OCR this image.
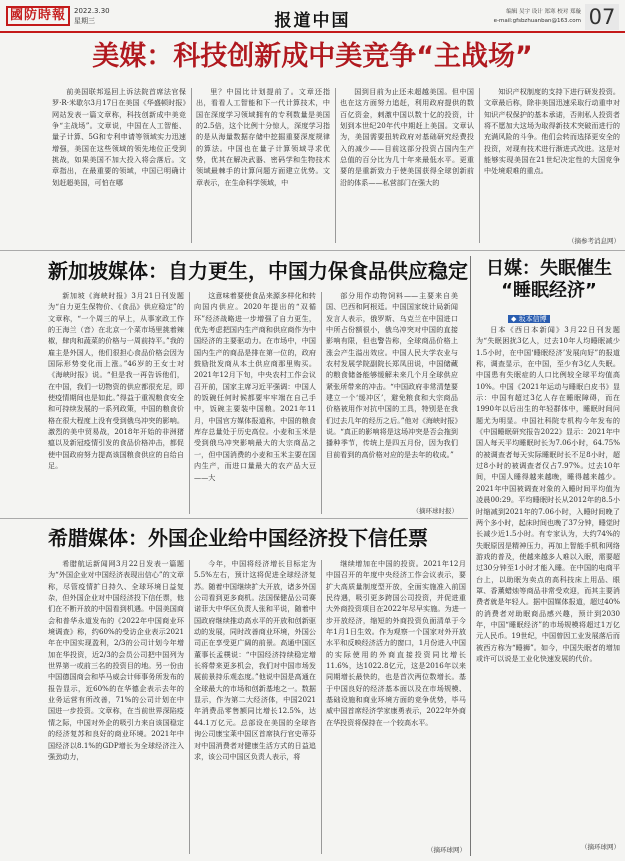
國防時報	2022.3.30
星期三	报道中国	编辑 吴宇 设计 郑寒 校对 郑璇
e-mail:gfsbzhuanban@163.com 07
美媒：科技创新成中美竞争“主战场”

前美国联邦巡回上诉法院首席法官保罗·R·米歇尔3月17日在美国《华盛顿时报》网站发表一篇文章称，科技创新成中美竞争“主战场”。文章说，中国在人工智能、量子计算、5G和专利申请等领域实力迅速增强，美国在这些领域的领先地位正受到挑战，如果美国不加大投入将会落后。文章指出，在最重要的领域，中国已明确计划赶超美国，可怕在哪

里？中国比计划提前了。文章还指出，看看人工智能和下一代计算技术，中国在深度学习领域拥有的专利数量是美国的2.5倍，这个比例十分惊人，深度学习指的是从海量数据存储中挖掘重要深度规律的算法。中国也在量子计算领域寻求优势，优其在解决武器、密码学和生物技术领域最棘手的计算问题方面建立优势。文章表示，在生命科学领域，中

国到目前为止还未超越美国。但中国也在这方面努力追赶，利用政府提供的数百亿资金，刺激中国以数十亿的投资，计划到本世纪20年代中期赶上美国。文章认为，美国需要扭转政府对基础研究经费投入的减少——目前这部分投资占国内生产总值的百分比为几十年来最低水平。更重要的是重新致力于使美国获得全球创新前沿的体系——私营部门在强大的

知识产权制度的支持下进行研发投资。文章最后称，除非美国迅速采取行动重申对知识产权保护的基本承诺，否则私人投资者将不愿加大这场为取得新技术突破而进行的充满风险的斗争。他们会转而选择更安全的投资，对现有技术进行渐进式改进。这是对能够实现美国在21世纪决定性的大国竞争中处境艰难的重点。

（摘参考消息网）
新加坡媒体：自力更生，中国力保食品供应稳定

新加坡《海峡时报》3月21日刊发题为“自力更生保物价、《食品》供应稳定”的文章称，“一个周三的早上，从事家政工作的王海兰（音）在北京一个菜市场里挑着辣椒，肆肉和蔬菜的价格与一周前持平。”我的雇主是外国人，他们很担心食品价格会因为国际形势变化而上涨。”46岁的王女士对《海峡时报》说。“但是我一再告诉他们，在中国，我们一切物资的供应都很充足，即使疫情期间也是如此。”得益于重视粮食安全和可持续发展的一系列政策，中国的粮食价格在很大程度上没有受到俄乌冲突的影响。激烈的美中贸易战，2018年开始的非洲猪瘟以及新冠疫情引发的食品价格冲击，都促使中国政府努力提高该国粮食供应的自给自足。

这意味着要使食品来源多样化和转向国内供应。2020年提出的“双循环”经济战略进一步增强了自力更生，优先考虑把国内生产商和供应商作为中国经济的主要驱动力。在市场中，中国国内生产的商品是排在第一位的，政府鼓励批发商从本土供应商那里购买。2021年12月下旬，中央农村工作会议召开前，国家主席习近平强调：中国人的饭碗任何时候都要牢牢端在自己手中，饭碗主要装中国粮。2021年11月，中国官方媒体报道称，中国的粮食库存总量处于历史高位。小麦和玉米是受到俄乌冲突影响最大的大宗商品之一，但中国消费的小麦和玉米主要在国内生产，而进口量最大的农产品大豆——大

部分用作动物饲料——主要来自美国、巴西和阿根廷。中国国家统计局新闻发言人表示，俄罗斯、乌克兰在中国进口中所占份额很小，俄乌冲突对中国的直接影响有限，但也警告称，全球商品价格上涨会产生溢出效应。中国人民大学农业与农村发展学院副院长郑凤田说，中国储藏的粮食储备能够缓解未来几个月全球供应紧张所带来的冲击。“中国政府非常清楚要建立一个‘缓冲区’，避免粮食和大宗商品价格被用作对抗中国的工具，特别是在我们过去几年的经历之后。”他对《海峡时报》说。“真正的影响将是这场冲突是否会拖到播种季节，传统上是四五月份，因为我们目前看到的高价格对应的是去年的收成。”

（摘环球时报）
日媒：失眠催生
“睡眠经济”
◆ 坂本信博

日本《西日本新闻》3月22日刊发题为“失眠困扰3亿人，过去10年人均睡眠减少1.5小时，在中国‘睡眠经济’发展向好”的报道称，调查显示，在中国，至少有3亿人失眠。中国患有失眠症的人口比例较全球平均值高10%。中国《2021年运动与睡眠白皮书》显示：中国有超过3亿人存在睡眠障碍，而在1990年以后出生的年轻群体中，睡眠时间问题尤为明显。中国社科院专机构今年发布的《中国睡眠研究报告2022》显示：2021年中国人每天平均睡眠时长为7.06小时，64.75%的被调查者每天实际睡眠时长不足8小时，超过8小时的被调查者仅占7.97%。过去10年间，中国人睡得越来越晚，睡得越来越少。2021年中国被调查对象的入睡时间平均值为凌晨00:29。平均睡眠时长从2012年的8.5小时缩减到2021年的7.06小时，入睡时间晚了两个多小时，起床时间也晚了37分钟，睡觉时长减少近1.5小时。有专家认为，大约74%的失眠原因是精神压力，再加上智能手机和网络游戏的普及，使越来越多人难以入眠，需要超过30分钟至1小时才能入睡。在中国的电商平台上，以助眠为卖点的高科技床上用品、眼罩、香薰蜡烛等商品非常受欢迎，而其主要消费者就是年轻人。据中国媒体报道，超过40%的消费者对助眠商品感兴趣，预计到2030年，中国“睡眠经济”的市场规模将超过1万亿元人民币。19世纪，中国曾因工业发展落后而被西方称为“睡狮”。如今，中国失眠者的增加或许可以说是工业化快速发展的代价。

（摘环球网）
希腊媒体：外国企业给中国经济投下信任票

希腊航运新闻网3月22日发表一篇题为“外国企业对中国经济表现出信心”的文章称，尽管疫情扩日持久、全球环境日益复杂，但外国企业对中国经济投下信任票，他们在不断开放的中国看到机遇。中国美国商会和普华永道发布的《2022年中国商业环境调查》称，约60%的受访企业表示2021年在中国实现盈利，2/3的公司计划今年增加在华投资，近2/3的会员公司把中国列为世界第一或前三名的投资目的地。另一份由中国德国商会和毕马威会计师事务所发布的报告显示，近60%的在华德企表示去年的业务运营有所改善，71%的公司计划在中国进一步投资。文章称，在当前世界深陷疫情之际，中国对外企的吸引力来自该国稳定的经济复苏和良好的商业环境。2021年中国经济以8.1%的GDP增长为全球经济注入强劲动力，

今年，中国将经济增长目标定为5.5%左右，预计这将促进全球经济复苏。随着中国继续扩大开放，诸多外国公司看到更多商机。法国保健品公司赛诺菲大中华区负责人张和平说，随着中国政府继续推动高水平的开放和创新驱动的发展，同时改善商业环境，外国公司正在享受更广阔的前景。高通中国区董事长孟樸说：“中国经济持续稳定增长将带来更多机会，我们对中国市场发展前景持乐观态度。”他说中国是高通在全球最大的市场和创新基地之一。数据显示，作为第二大经济体，中国2021年消费品零售额同比增长12.5%，达44.1万亿元。总部设在美国的全球咨询公司康宝莱中国区首席执行官史蒂芬对中国消费者对健康生活方式的日益追求，该公司中国区负责人表示，将

继续增加在中国的投资。2021年12月中国召开的年度中央经济工作会议表示，要扩大高质量制度型开放，全面实施准入前国民待遇，吸引更多跨国公司投资，并促进重大外商投资项目在2022年尽早实施。为进一步开放经济，缩短的外商投资负面清单于今年1月1日生效。作为观察一个国家对外开放水平和反映经济活力的窗口，1月份进入中国的实际使用的外商直接投资同比增长11.6%，达1022.8亿元，这是2016年以来同期增长最快的，也是首次两位数增长。基于中国良好的经济基本面以及在市场规模、基础设施和商业环境方面的竞争优势，毕马威中国首席经济学家康勇表示，2022年外商在华投资将保持在一个较高水平。

（摘环球网）
